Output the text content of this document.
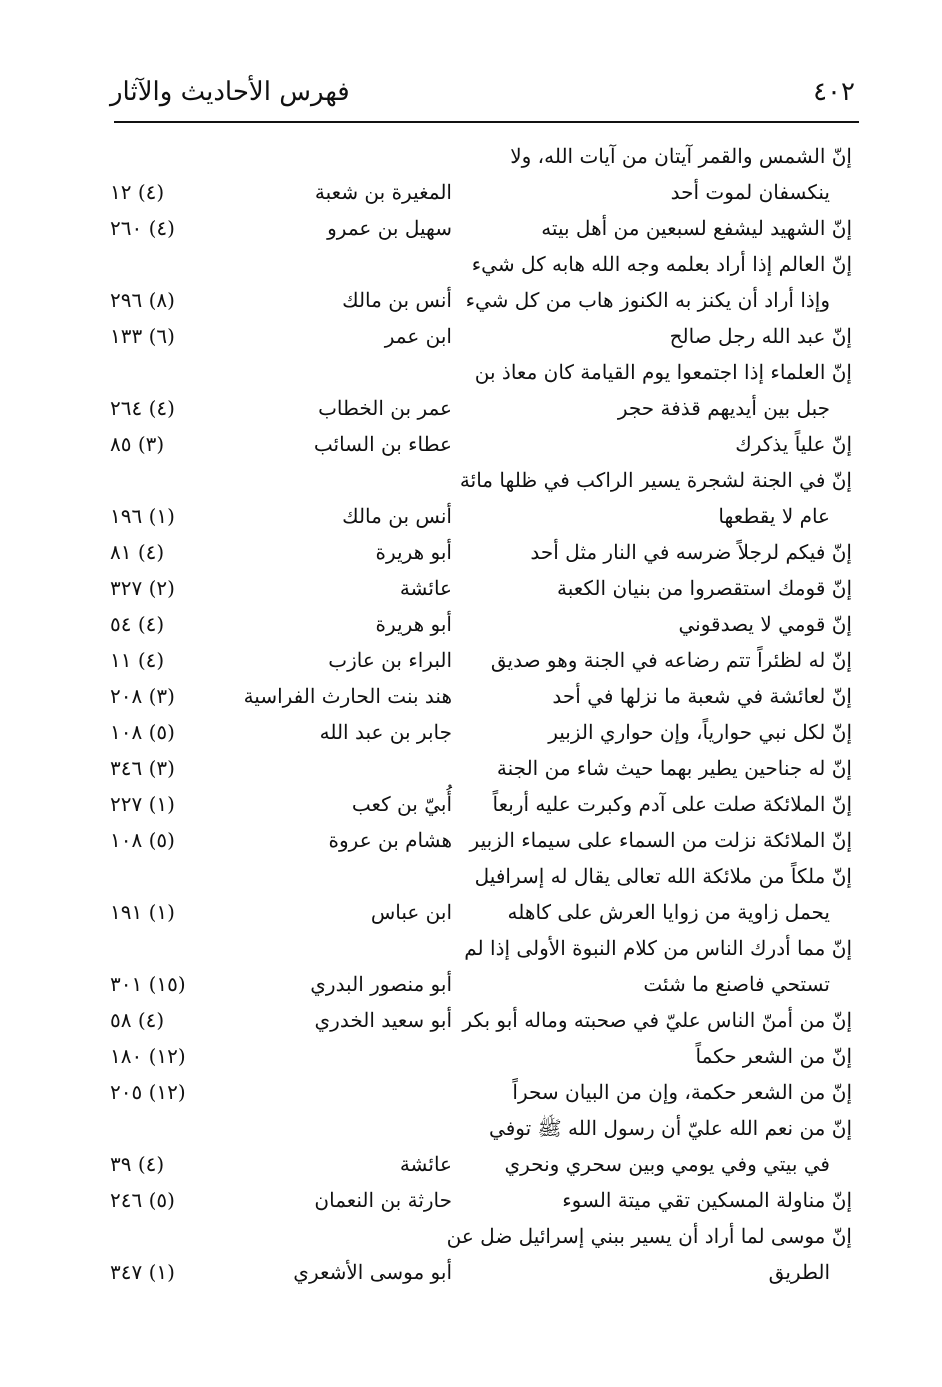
٤٠٢
فهرس الأحاديث والآثار
إنّ الشمس والقمر آيتان من آيات الله، ولا
ينكسفان لموت أحد
المغيرة بن شعبة
(٤) ١٢
إنّ الشهيد ليشفع لسبعين من أهل بيته
سهيل بن عمرو
(٤) ٢٦٠
إنّ العالم إذا أراد بعلمه وجه الله هابه كل شيء
وإذا أراد أن يكنز به الكنوز هاب من كل شيء
أنس بن مالك
(٨) ٢٩٦
إنّ عبد الله رجل صالح
ابن عمر
(٦) ١٣٣
إنّ العلماء إذا اجتمعوا يوم القيامة كان معاذ بن
جبل بين أيديهم قذفة حجر
عمر بن الخطاب
(٤) ٢٦٤
إنّ علياً يذكرك
عطاء بن السائب
(٣) ٨٥
إنّ في الجنة لشجرة يسير الراكب في ظلها مائة
عام لا يقطعها
أنس بن مالك
(١) ١٩٦
إنّ فيكم لرجلاً ضرسه في النار مثل أحد
أبو هريرة
(٤) ٨١
إنّ قومك استقصروا من بنيان الكعبة
عائشة
(٢) ٣٢٧
إنّ قومي لا يصدقوني
أبو هريرة
(٤) ٥٤
إنّ له لظئراً تتم رضاعه في الجنة وهو صديق
البراء بن عازب
(٤) ١١
إنّ لعائشة في شعبة ما نزلها في أحد
هند بنت الحارث الفراسية
(٣) ٢٠٨
إنّ لكل نبي حوارياً، وإن حواري الزبير
جابر بن عبد الله
(٥) ١٠٨
إنّ له جناحين يطير بهما حيث شاء من الجنة
(٣) ٣٤٦
إنّ الملائكة صلت على آدم وكبرت عليه أربعاً
أُبيّ بن كعب
(١) ٢٢٧
إنّ الملائكة نزلت من السماء على سيماء الزبير
هشام بن عروة
(٥) ١٠٨
إنّ ملكاً من ملائكة الله تعالى يقال له إسرافيل
يحمل زاوية من زوايا العرش على كاهله
ابن عباس
(١) ١٩١
إنّ مما أدرك الناس من كلام النبوة الأولى إذا لم
تستحي فاصنع ما شئت
أبو منصور البدري
(١٥) ٣٠١
إنّ من أمنّ الناس عليّ في صحبته وماله أبو بكر
أبو سعيد الخدري
(٤) ٥٨
إنّ من الشعر حكماً
(١٢) ١٨٠
إنّ من الشعر حكمة، وإن من البيان سحراً
(١٢) ٢٠٥
إنّ من نعم الله عليّ أن رسول الله ﷺ توفي
في بيتي وفي يومي وبين سحري ونحري
عائشة
(٤) ٣٩
إنّ مناولة المسكين تقي ميتة السوء
حارثة بن النعمان
(٥) ٢٤٦
إنّ موسى لما أراد أن يسير ببني إسرائيل ضل عن
الطريق
أبو موسى الأشعري
(١) ٣٤٧
